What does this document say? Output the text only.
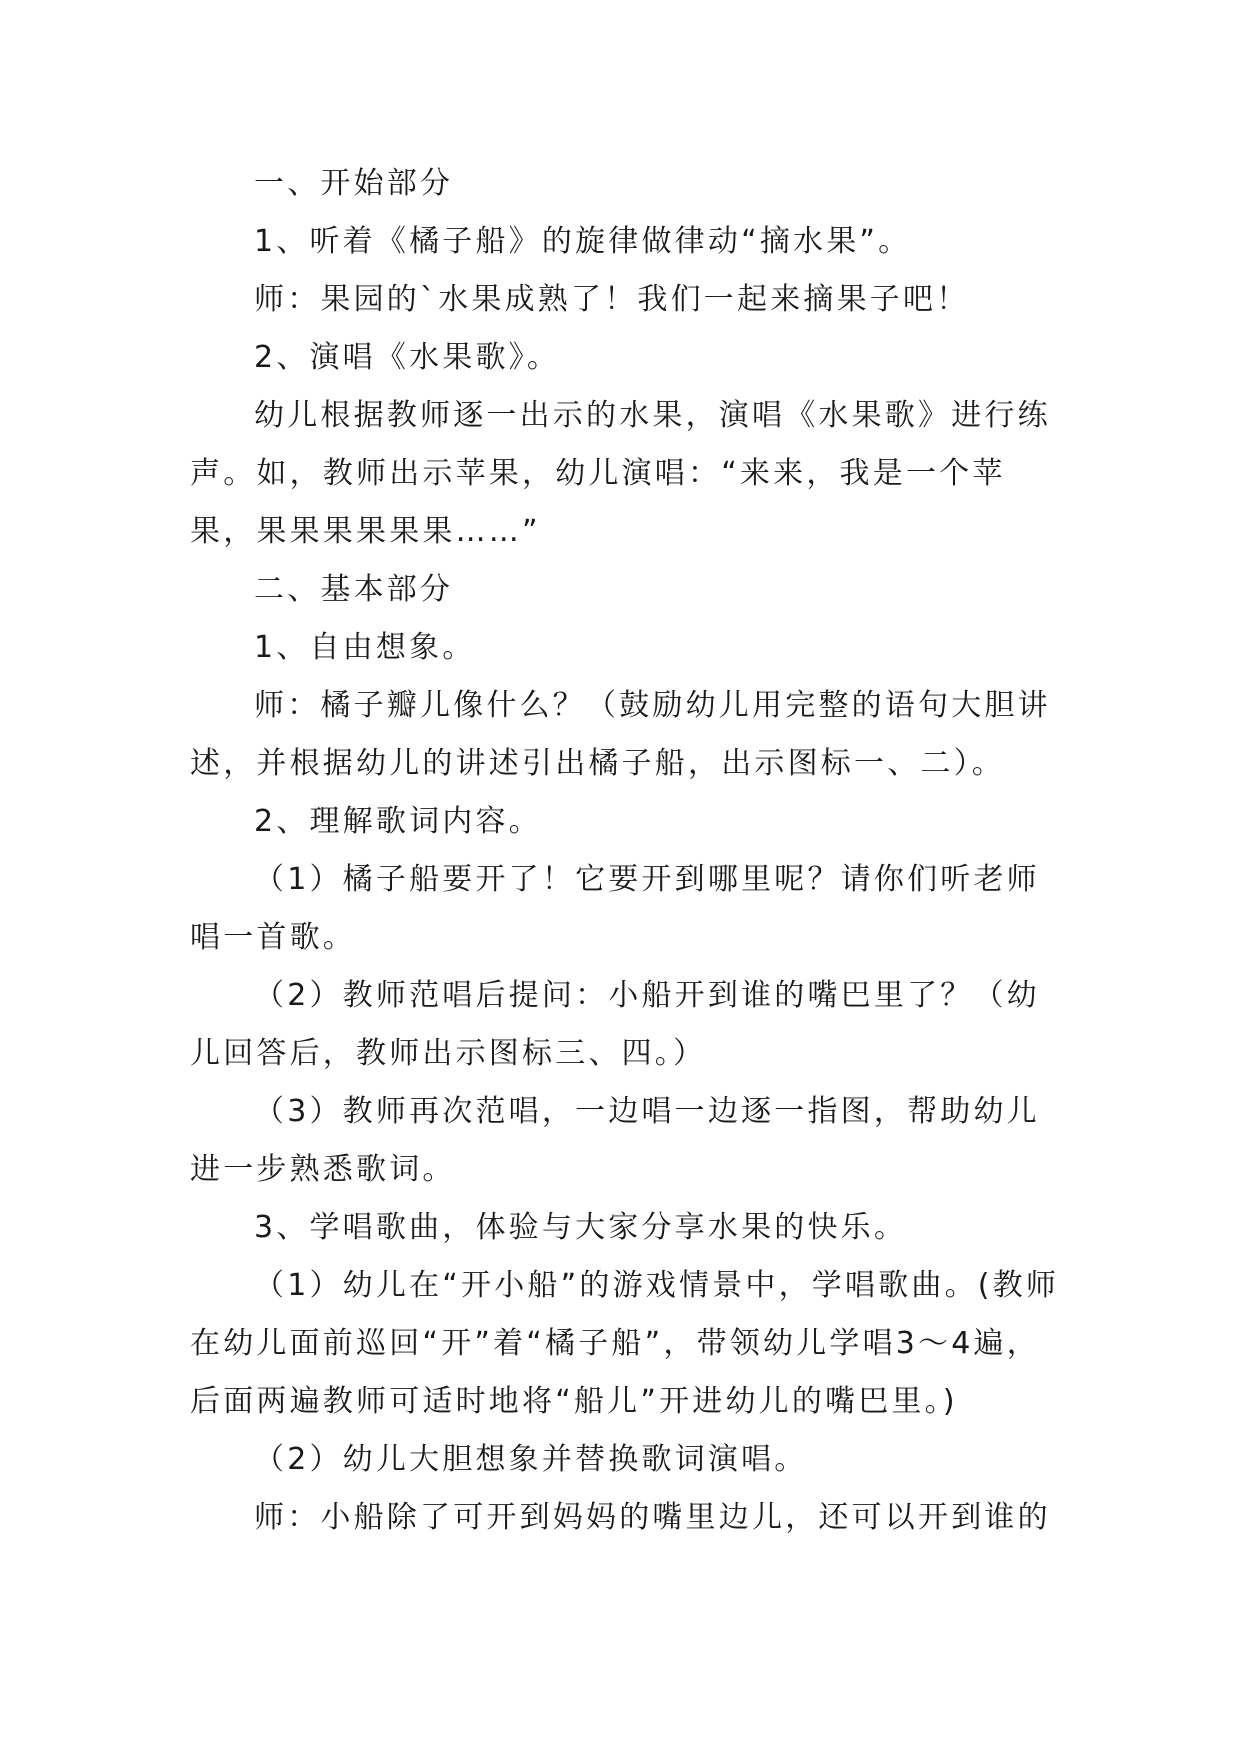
一、开始部分

1、听着《橘子船》的旋律做律动“摘水果”。

师：果园的`水果成熟了！我们一起来摘果子吧！

2、演唱《水果歌》。

幼儿根据教师逐一出示的水果，演唱《水果歌》进行练声。如，教师出示苹果，幼儿演唱：“来来，我是一个苹果，果果果果果果……”

二、基本部分

1、自由想象。

师：橘子瓣儿像什么？（鼓励幼儿用完整的语句大胆讲述，并根据幼儿的讲述引出橘子船，出示图标一、二）。

2、理解歌词内容。

（1）橘子船要开了！它要开到哪里呢？请你们听老师唱一首歌。

（2）教师范唱后提问：小船开到谁的嘴巴里了？（幼儿回答后，教师出示图标三、四。）

（3）教师再次范唱，一边唱一边逐一指图，帮助幼儿进一步熟悉歌词。

3、学唱歌曲，体验与大家分享水果的快乐。

（1）幼儿在“开小船”的游戏情景中，学唱歌曲。(教师在幼儿面前巡回“开”着“橘子船”，带领幼儿学唱3～4遍，后面两遍教师可适时地将“船儿”开进幼儿的嘴巴里。)

（2）幼儿大胆想象并替换歌词演唱。

师：小船除了可开到妈妈的嘴里边儿，还可以开到谁的
